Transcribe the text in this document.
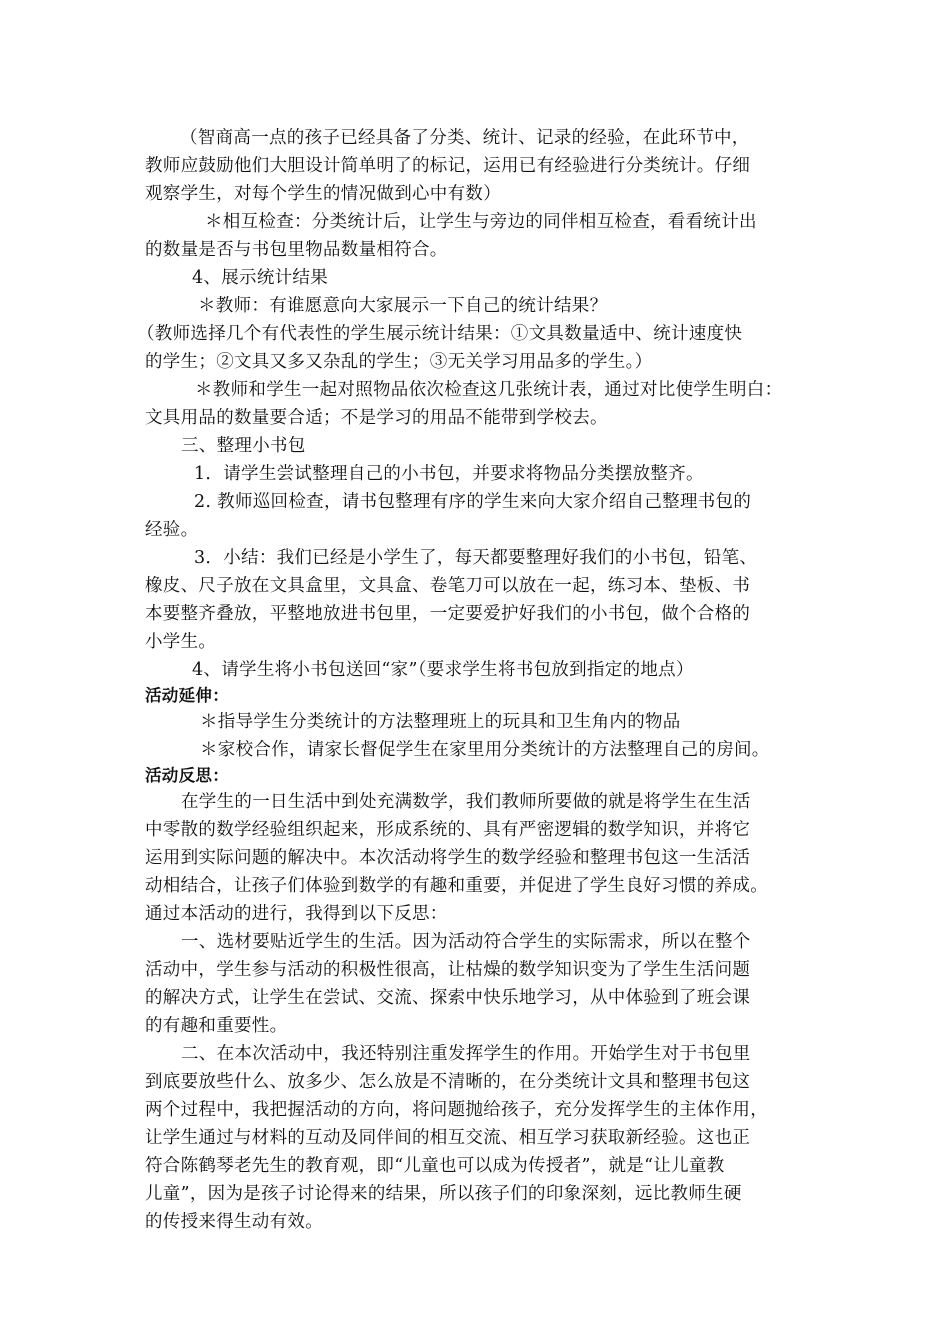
（智商高一点的孩子已经具备了分类、统计、记录的经验，在此环节中，
教师应鼓励他们大胆设计简单明了的标记，运用已有经验进行分类统计。仔细
观察学生，对每个学生的情况做到心中有数）
＊相互检查：分类统计后，让学生与旁边的同伴相互检查，看看统计出
的数量是否与书包里物品数量相符合。
4、展示统计结果
＊教师：有谁愿意向大家展示一下自己的统计结果？
（教师选择几个有代表性的学生展示统计结果：①文具数量适中、统计速度快
的学生；②文具又多又杂乱的学生；③无关学习用品多的学生。）
＊教师和学生一起对照物品依次检查这几张统计表，通过对比使学生明白：
文具用品的数量要合适；不是学习的用品不能带到学校去。
三、整理小书包
1．请学生尝试整理自己的小书包，并要求将物品分类摆放整齐。
2. 教师巡回检查，请书包整理有序的学生来向大家介绍自己整理书包的
经验。
3．小结：我们已经是小学生了，每天都要整理好我们的小书包，铅笔、
橡皮、尺子放在文具盒里，文具盒、卷笔刀可以放在一起，练习本、垫板、书
本要整齐叠放，平整地放进书包里，一定要爱护好我们的小书包，做个合格的
小学生。
4、请学生将小书包送回“家”（要求学生将书包放到指定的地点）
活动延伸：
＊指导学生分类统计的方法整理班上的玩具和卫生角内的物品
＊家校合作，请家长督促学生在家里用分类统计的方法整理自己的房间。
活动反思：
在学生的一日生活中到处充满数学，我们教师所要做的就是将学生在生活
中零散的数学经验组织起来，形成系统的、具有严密逻辑的数学知识，并将它
运用到实际问题的解决中。本次活动将学生的数学经验和整理书包这一生活活
动相结合，让孩子们体验到数学的有趣和重要，并促进了学生良好习惯的养成。
通过本活动的进行，我得到以下反思：
一、选材要贴近学生的生活。因为活动符合学生的实际需求，所以在整个
活动中，学生参与活动的积极性很高，让枯燥的数学知识变为了学生生活问题
的解决方式，让学生在尝试、交流、探索中快乐地学习，从中体验到了班会课
的有趣和重要性。
二、在本次活动中，我还特别注重发挥学生的作用。开始学生对于书包里
到底要放些什么、放多少、怎么放是不清晰的，在分类统计文具和整理书包这
两个过程中，我把握活动的方向，将问题抛给孩子，充分发挥学生的主体作用，
让学生通过与材料的互动及同伴间的相互交流、相互学习获取新经验。这也正
符合陈鹤琴老先生的教育观，即“儿童也可以成为传授者”，就是“让儿童教
儿童”，因为是孩子讨论得来的结果，所以孩子们的印象深刻，远比教师生硬
的传授来得生动有效。
